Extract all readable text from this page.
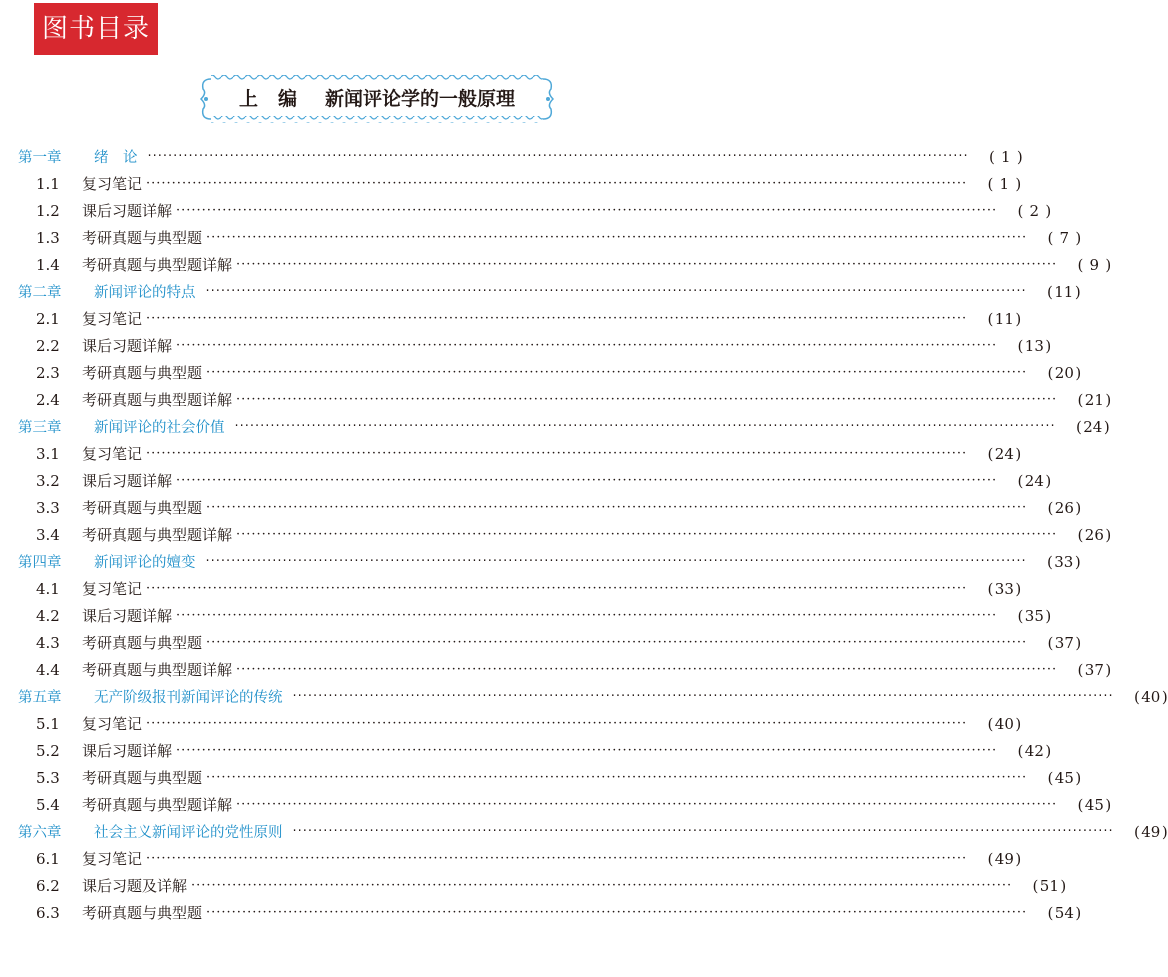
图书目录
上编 新闻评论学的一般原理
第一章	绪　论 ································································································································································	( 1 )
1.1	复习笔记 ································································································································································	( 1 )
1.2	课后习题详解 ································································································································································	( 2 )
1.3	考研真题与典型题 ································································································································································	( 7 )
1.4	考研真题与典型题详解 ································································································································································	( 9 )
第二章	新闻评论的特点 ································································································································································	(11)
2.1	复习笔记 ································································································································································	(11)
2.2	课后习题详解 ································································································································································	(13)
2.3	考研真题与典型题 ································································································································································	(20)
2.4	考研真题与典型题详解 ································································································································································	(21)
第三章	新闻评论的社会价值 ································································································································································	(24)
3.1	复习笔记 ································································································································································	(24)
3.2	课后习题详解 ································································································································································	(24)
3.3	考研真题与典型题 ································································································································································	(26)
3.4	考研真题与典型题详解 ································································································································································	(26)
第四章	新闻评论的嬗变 ································································································································································	(33)
4.1	复习笔记 ································································································································································	(33)
4.2	课后习题详解 ································································································································································	(35)
4.3	考研真题与典型题 ································································································································································	(37)
4.4	考研真题与典型题详解 ································································································································································	(37)
第五章	无产阶级报刊新闻评论的传统 ································································································································································	(40)
5.1	复习笔记 ································································································································································	(40)
5.2	课后习题详解 ································································································································································	(42)
5.3	考研真题与典型题 ································································································································································	(45)
5.4	考研真题与典型题详解 ································································································································································	(45)
第六章	社会主义新闻评论的党性原则 ································································································································································	(49)
6.1	复习笔记 ································································································································································	(49)
6.2	课后习题及详解 ································································································································································	(51)
6.3	考研真题与典型题 ································································································································································	(54)
